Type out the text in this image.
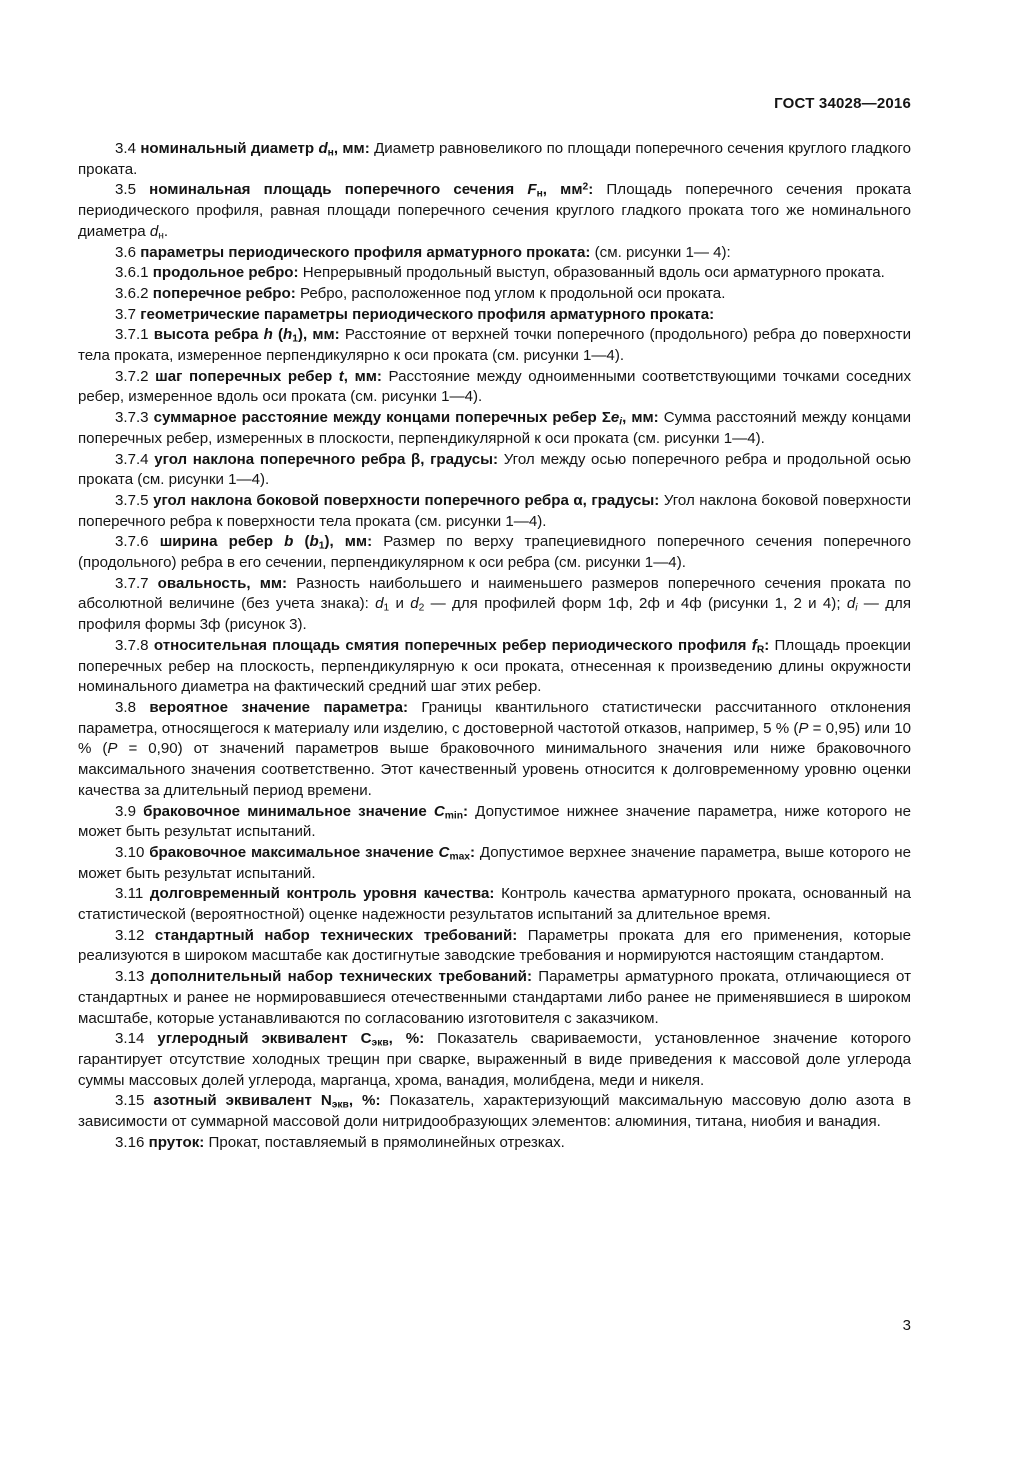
ГОСТ 34028—2016

3.4 номинальный диаметр $d_н$, мм: Диаметр равновеликого по площади поперечного сечения круглого гладкого проката.

3.5 номинальная площадь поперечного сечения $F_н$, $мм^2$: Площадь поперечного сечения проката периодического профиля, равная площади поперечного сечения круглого гладкого проката того же номинального диаметра $d_н$.

3.6 параметры периодического профиля арматурного проката: (см. рисунки 1— 4):

3.6.1 продольное ребро: Непрерывный продольный выступ, образованный вдоль оси арматурного проката.

3.6.2 поперечное ребро: Ребро, расположенное под углом к продольной оси проката.

3.7 геометрические параметры периодического профиля арматурного проката:

3.7.1 высота ребра h $(h_1)$, мм: Расстояние от верхней точки поперечного (продольного) ребра до поверхности тела проката, измеренное перпендикулярно к оси проката (см. рисунки 1—4).

3.7.2 шаг поперечных ребер t, мм: Расстояние между одноименными соответствующими точками соседних ребер, измеренное вдоль оси проката (см. рисунки 1—4).

3.7.3 суммарное расстояние между концами поперечных ребер $\Sigma e_i$, мм: Сумма расстояний между концами поперечных ребер, измеренных в плоскости, перпендикулярной к оси проката (см. рисунки 1—4).

3.7.4 угол наклона поперечного ребра β, градусы: Угол между осью поперечного ребра и продольной осью проката (см. рисунки 1—4).

3.7.5 угол наклона боковой поверхности поперечного ребра α, градусы: Угол наклона боковой поверхности поперечного ребра к поверхности тела проката (см. рисунки 1—4).

3.7.6 ширина ребер b $(b_1)$, мм: Размер по верху трапециевидного поперечного сечения поперечного (продольного) ребра в его сечении, перпендикулярном к оси ребра (см. рисунки 1—4).

3.7.7 овальность, мм: Разность наибольшего и наименьшего размеров поперечного сечения проката по абсолютной величине (без учета знака): $d_1$ и $d_2$ — для профилей форм 1ф, 2ф и 4ф (рисунки 1, 2 и 4); $d_i$ — для профиля формы 3ф (рисунок 3).

3.7.8 относительная площадь смятия поперечных ребер периодического профиля $f_R$: Площадь проекции поперечных ребер на плоскость, перпендикулярную к оси проката, отнесенная к произведению длины окружности номинального диаметра на фактический средний шаг этих ребер.

3.8 вероятное значение параметра: Границы квантильного статистически рассчитанного отклонения параметра, относящегося к материалу или изделию, с достоверной частотой отказов, например, 5 % (P = 0,95) или 10 % (P = 0,90) от значений параметров выше браковочного минимального значения или ниже браковочного максимального значения соответственно. Этот качественный уровень относится к долговременному уровню оценки качества за длительный период времени.

3.9 браковочное минимальное значение $C_{min}$: Допустимое нижнее значение параметра, ниже которого не может быть результат испытаний.

3.10 браковочное максимальное значение $C_{max}$: Допустимое верхнее значение параметра, выше которого не может быть результат испытаний.

3.11 долговременный контроль уровня качества: Контроль качества арматурного проката, основанный на статистической (вероятностной) оценке надежности результатов испытаний за длительное время.

3.12 стандартный набор технических требований: Параметры проката для его применения, которые реализуются в широком масштабе как достигнутые заводские требования и нормируются настоящим стандартом.

3.13 дополнительный набор технических требований: Параметры арматурного проката, отличающиеся от стандартных и ранее не нормировавшиеся отечественными стандартами либо ранее не применявшиеся в широком масштабе, которые устанавливаются по согласованию изготовителя с заказчиком.

3.14 углеродный эквивалент $С_{экв}$, %: Показатель свариваемости, установленное значение которого гарантирует отсутствие холодных трещин при сварке, выраженный в виде приведения к массовой доле углерода суммы массовых долей углерода, марганца, хрома, ванадия, молибдена, меди и никеля.

3.15 азотный эквивалент $N_{экв}$, %: Показатель, характеризующий максимальную массовую долю азота в зависимости от суммарной массовой доли нитридообразующих элементов: алюминия, титана, ниобия и ванадия.

3.16 пруток: Прокат, поставляемый в прямолинейных отрезках.

3
